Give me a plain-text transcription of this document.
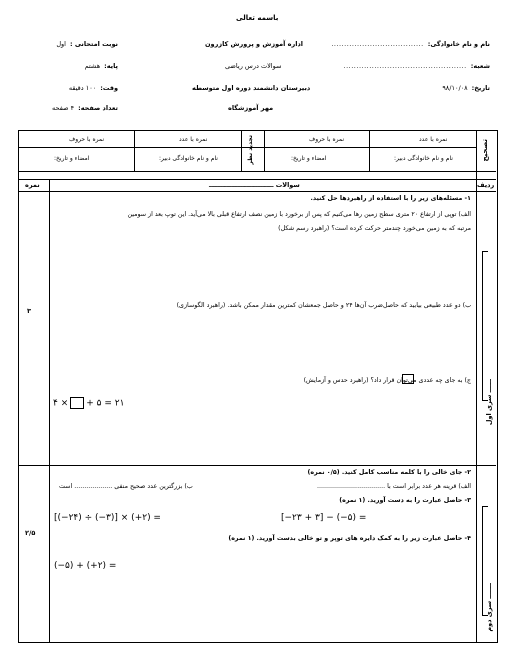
باسمه تعالی
نام و نام خانوادگی:
....................................
شعبه:
................................................
تاریخ:
۹۸/۱۰/۰۸
اداره آموزش و پرورش کازرون
سوالات درس ریاضی
دبیرستان دانشمند دوره اول متوسطه
مهر آموزشگاه
نوبت امتحانی :
اول
پایه:
هشتم
وقت:
۱۰۰ دقیقه
تعداد صفحه:
۴ صفحه
تصحیح
تجدید نظر	نمره با عدد
نمره با حروف
نام و نام خانوادگی دبیر:
امضاء و تاریخ:
نمره با عدد
نمره با حروف
نام و نام خانوادگی دبیر:
امضاء و تاریخ:
ردیف
سوالات ـــــــــــــــــــــــــــــ
نمره
۳
ــــــ سری اول
۱- مسئله‌های زیر را با استفاده از راهبردها حل کنید.
الف) توپی از ارتفاع ۲۰ متری سطح زمین رها می‌کنیم که پس از برخورد با زمین نصف ارتفاع قبلی بالا می‌آید. این توپ بعد از سومین
مرتبه که به زمین می‌خورد چندمتر حرکت کرده است؟ (راهبرد رسم شکل)
ب) دو عدد طبیعی بیابید که حاصل‌ضرب آن‌ها ۲۴ و حاصل جمعشان کمترین مقدار ممکن باشد. (راهبرد الگوسازی)
ج) به جای چه عددی می‌توان قرار داد؟ (راهبرد حدس و آزمایش)
۴ × + ۵ = ۲۱
۲/۵
ـــــــ سری دوم
۲- جای خالی را با کلمه مناسب کامل کنید. (۰/۵ نمره)
الف) قرینه هر عدد برابر است با ..................................
ب) بزرگترین عدد صحیح منفی ................... است
۳- حاصل عبارت را به دست آورید. (۱ نمره)
[(−۲۴) ÷ (−۳)] × (+۲) =	[−۲۳ + ۳] − (−۵) =
۴- حاصل عبارت زیر را به کمک دایره های توپر و تو خالی بدست آورید. (۱ نمره)
(−۵) + (+۲) =
